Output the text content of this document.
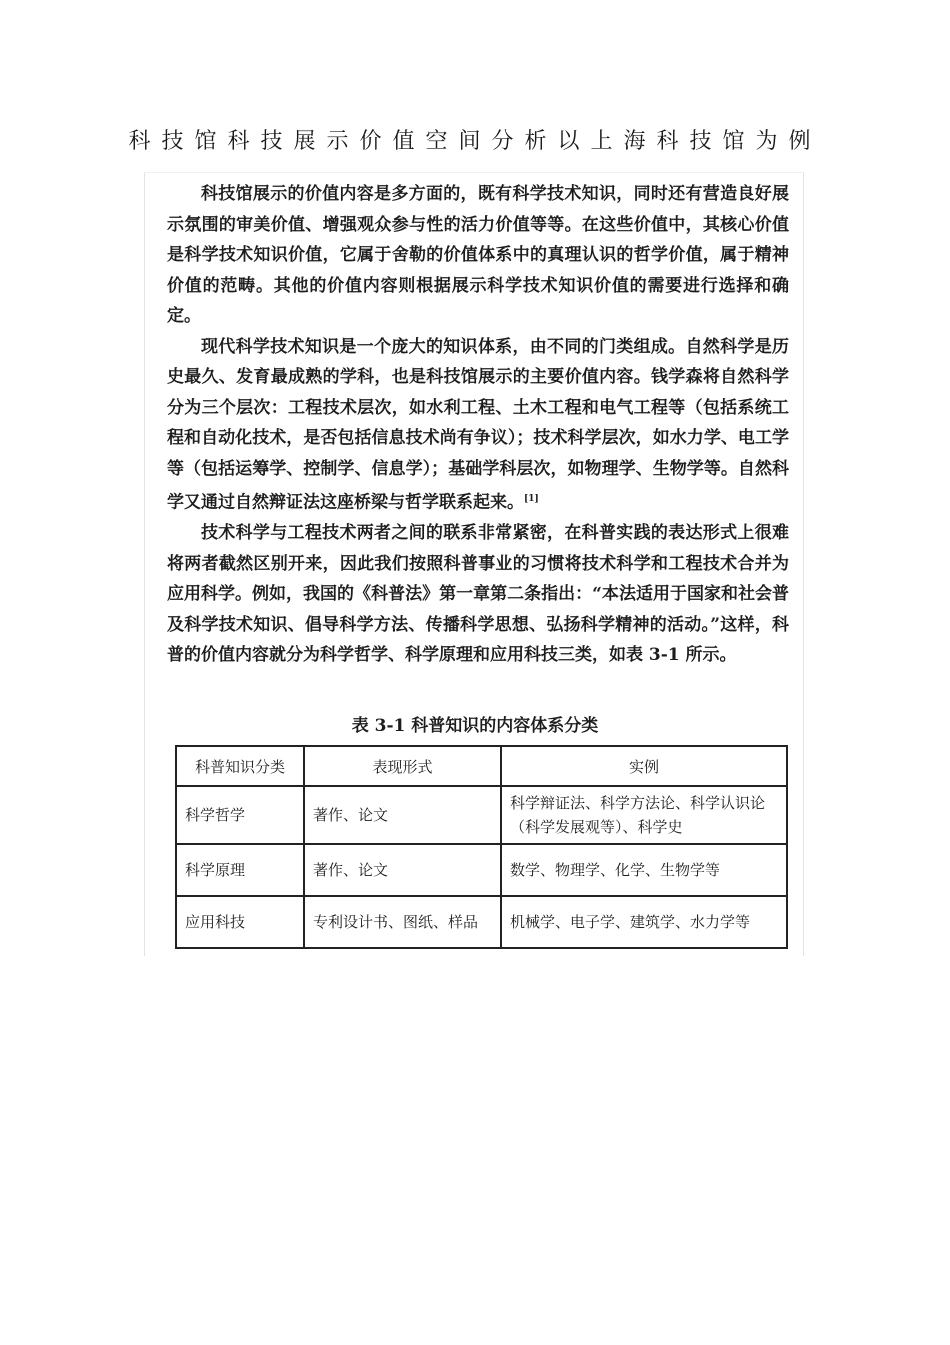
科技馆科技展示价值空间分析以上海科技馆为例

科技馆展示的价值内容是多方面的，既有科学技术知识，同时还有营造良好展示氛围的审美价值、增强观众参与性的活力价值等等。在这些价值中，其核心价值是科学技术知识价值，它属于舍勒的价值体系中的真理认识的哲学价值，属于精神价值的范畴。其他的价值内容则根据展示科学技术知识价值的需要进行选择和确定。

现代科学技术知识是一个庞大的知识体系，由不同的门类组成。自然科学是历史最久、发育最成熟的学科，也是科技馆展示的主要价值内容。钱学森将自然科学分为三个层次：工程技术层次，如水利工程、土木工程和电气工程等（包括系统工程和自动化技术，是否包括信息技术尚有争议）；技术科学层次，如水力学、电工学等（包括运筹学、控制学、信息学）；基础学科层次，如物理学、生物学等。自然科学又通过自然辩证法这座桥梁与哲学联系起来。[1]

技术科学与工程技术两者之间的联系非常紧密，在科普实践的表达形式上很难将两者截然区别开来，因此我们按照科普事业的习惯将技术科学和工程技术合并为应用科学。例如，我国的《科普法》第一章第二条指出：“本法适用于国家和社会普及科学技术知识、倡导科学方法、传播科学思想、弘扬科学精神的活动。”这样，科普的价值内容就分为科学哲学、科学原理和应用科技三类，如表 3-1 所示。

表 3-1 科普知识的内容体系分类
科普知识分类	表现形式	实例
科学哲学	著作、论文	科学辩证法、科学方法论、科学认识论（科学发展观等）、科学史
科学原理	著作、论文	数学、物理学、化学、生物学等
应用科技	专利设计书、图纸、样品	机械学、电子学、建筑学、水力学等
